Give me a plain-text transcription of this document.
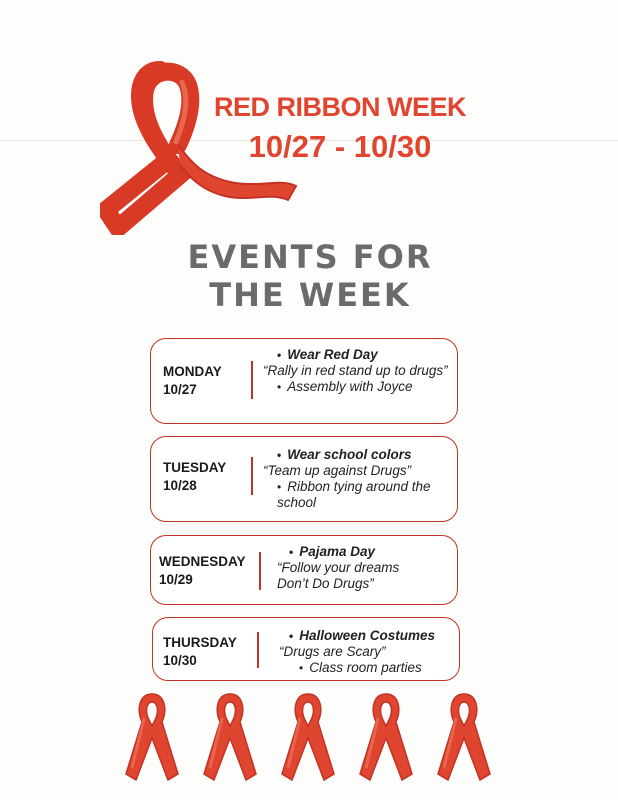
RED RIBBON WEEK
10/27 - 10/30
EVENTS FOR
THE WEEK
MONDAY
10/27
• Wear Red Day
“Rally in red stand up to drugs”
• Assembly with Joyce
TUESDAY
10/28
• Wear school colors
“Team up against Drugs”
• Ribbon tying around the school
WEDNESDAY
10/29
• Pajama Day
“Follow your dreams Don’t Do Drugs”
THURSDAY
10/30
• Halloween Costumes
“Drugs are Scary”
• Class room parties
